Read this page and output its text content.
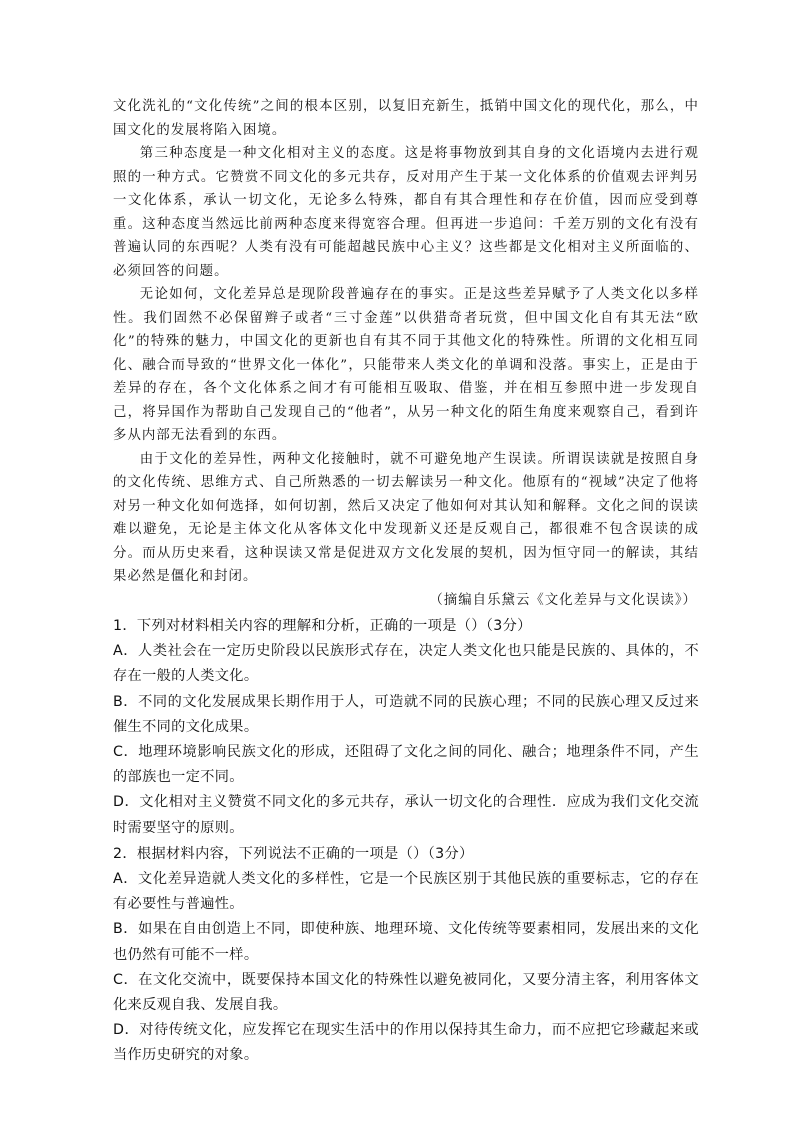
文化洗礼的“文化传统”之间的根本区别，以复旧充新生，抵销中国文化的现代化，那么，中国文化的发展将陷入困境。

第三种态度是一种文化相对主义的态度。这是将事物放到其自身的文化语境内去进行观照的一种方式。它赞赏不同文化的多元共存，反对用产生于某一文化体系的价值观去评判另一文化体系，承认一切文化，无论多么特殊，都自有其合理性和存在价值，因而应受到尊重。这种态度当然远比前两种态度来得宽容合理。但再进一步追问：千差万别的文化有没有普遍认同的东西呢？人类有没有可能超越民族中心主义？这些都是文化相对主义所面临的、必须回答的问题。

无论如何，文化差异总是现阶段普遍存在的事实。正是这些差异赋予了人类文化以多样性。我们固然不必保留辫子或者“三寸金莲”以供猎奇者玩赏，但中国文化自有其无法“欧化”的特殊的魅力，中国文化的更新也自有其不同于其他文化的特殊性。所谓的文化相互同化、融合而导致的“世界文化一体化”，只能带来人类文化的单调和没落。事实上，正是由于差异的存在，各个文化体系之间才有可能相互吸取、借鉴，并在相互参照中进一步发现自己，将异国作为帮助自己发现自己的“他者”，从另一种文化的陌生角度来观察自己，看到许多从内部无法看到的东西。

由于文化的差异性，两种文化接触时，就不可避免地产生误读。所谓误读就是按照自身的文化传统、思维方式、自己所熟悉的一切去解读另一种文化。他原有的“视域”决定了他将对另一种文化如何选择，如何切割，然后又决定了他如何对其认知和解释。文化之间的误读难以避免，无论是主体文化从客体文化中发现新义还是反观自己，都很难不包含误读的成分。而从历史来看，这种误读又常是促进双方文化发展的契机，因为恒守同一的解读，其结果必然是僵化和封闭。

（摘编自乐黛云《文化差异与文化误读》）

1．下列对材料相关内容的理解和分析，正确的一项是（）（3分）

A．人类社会在一定历史阶段以民族形式存在，决定人类文化也只能是民族的、具体的，不存在一般的人类文化。

B．不同的文化发展成果长期作用于人，可造就不同的民族心理；不同的民族心理又反过来催生不同的文化成果。

C．地理环境影响民族文化的形成，还阻碍了文化之间的同化、融合；地理条件不同，产生的部族也一定不同。

D．文化相对主义赞赏不同文化的多元共存，承认一切文化的合理性．应成为我们文化交流时需要坚守的原则。

2．根据材料内容，下列说法不正确的一项是（）（3分）

A．文化差异造就人类文化的多样性，它是一个民族区别于其他民族的重要标志，它的存在有必要性与普遍性。

B．如果在自由创造上不同，即使种族、地理环境、文化传统等要素相同，发展出来的文化也仍然有可能不一样。

C．在文化交流中，既要保持本国文化的特殊性以避免被同化，又要分清主客，利用客体文化来反观自我、发展自我。

D．对待传统文化，应发挥它在现实生活中的作用以保持其生命力，而不应把它珍藏起来或当作历史研究的对象。
